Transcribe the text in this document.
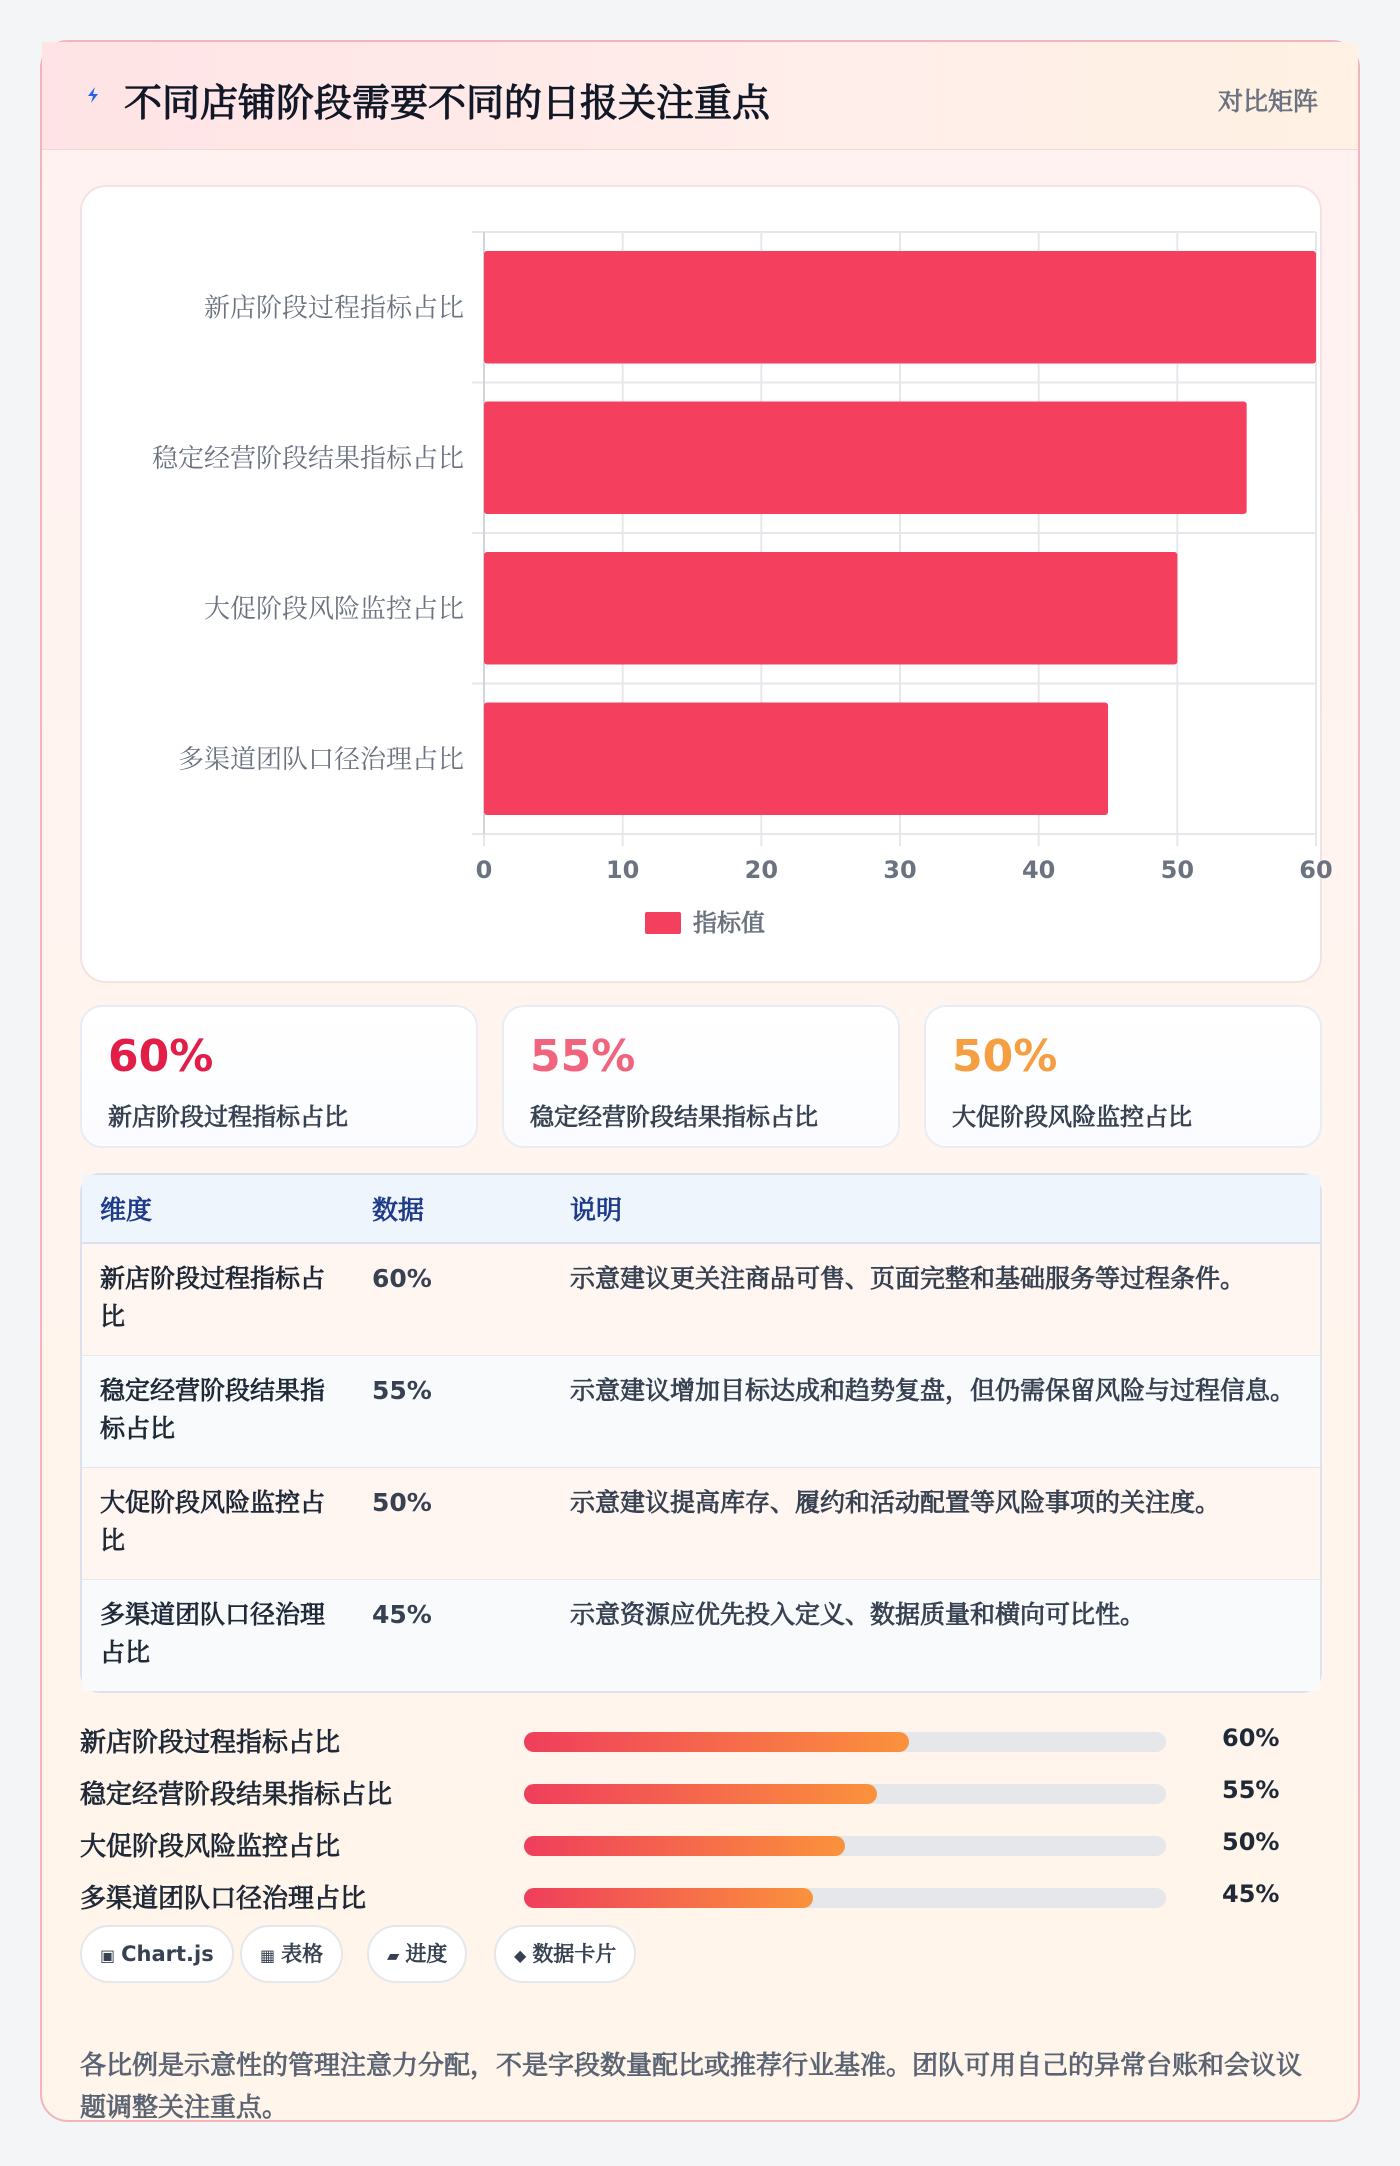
不同店铺阶段需要不同的日报关注重点	对比矩阵
新店阶段过程指标占比
稳定经营阶段结果指标占比
大促阶段风险监控占比
多渠道团队口径治理占比
0	10	20	30	40	50	60
指标值
60%
新店阶段过程指标占比
55%
稳定经营阶段结果指标占比
50%
大促阶段风险监控占比
维度	数据	说明
新店阶段过程指标占比	60%	示意建议更关注商品可售、页面完整和基础服务等过程条件。
稳定经营阶段结果指标占比	55%	示意建议增加目标达成和趋势复盘，但仍需保留风险与过程信息。
大促阶段风险监控占比	50%	示意建议提高库存、履约和活动配置等风险事项的关注度。
多渠道团队口径治理占比	45%	示意资源应优先投入定义、数据质量和横向可比性。
新店阶段过程指标占比	60%
稳定经营阶段结果指标占比	55%
大促阶段风险监控占比	50%
多渠道团队口径治理占比	45%
▣ Chart.js	▦ 表格	▰ 进度	◆ 数据卡片
各比例是示意性的管理注意力分配，不是字段数量配比或推荐行业基准。团队可用自己的异常台账和会议议题调整关注重点。
